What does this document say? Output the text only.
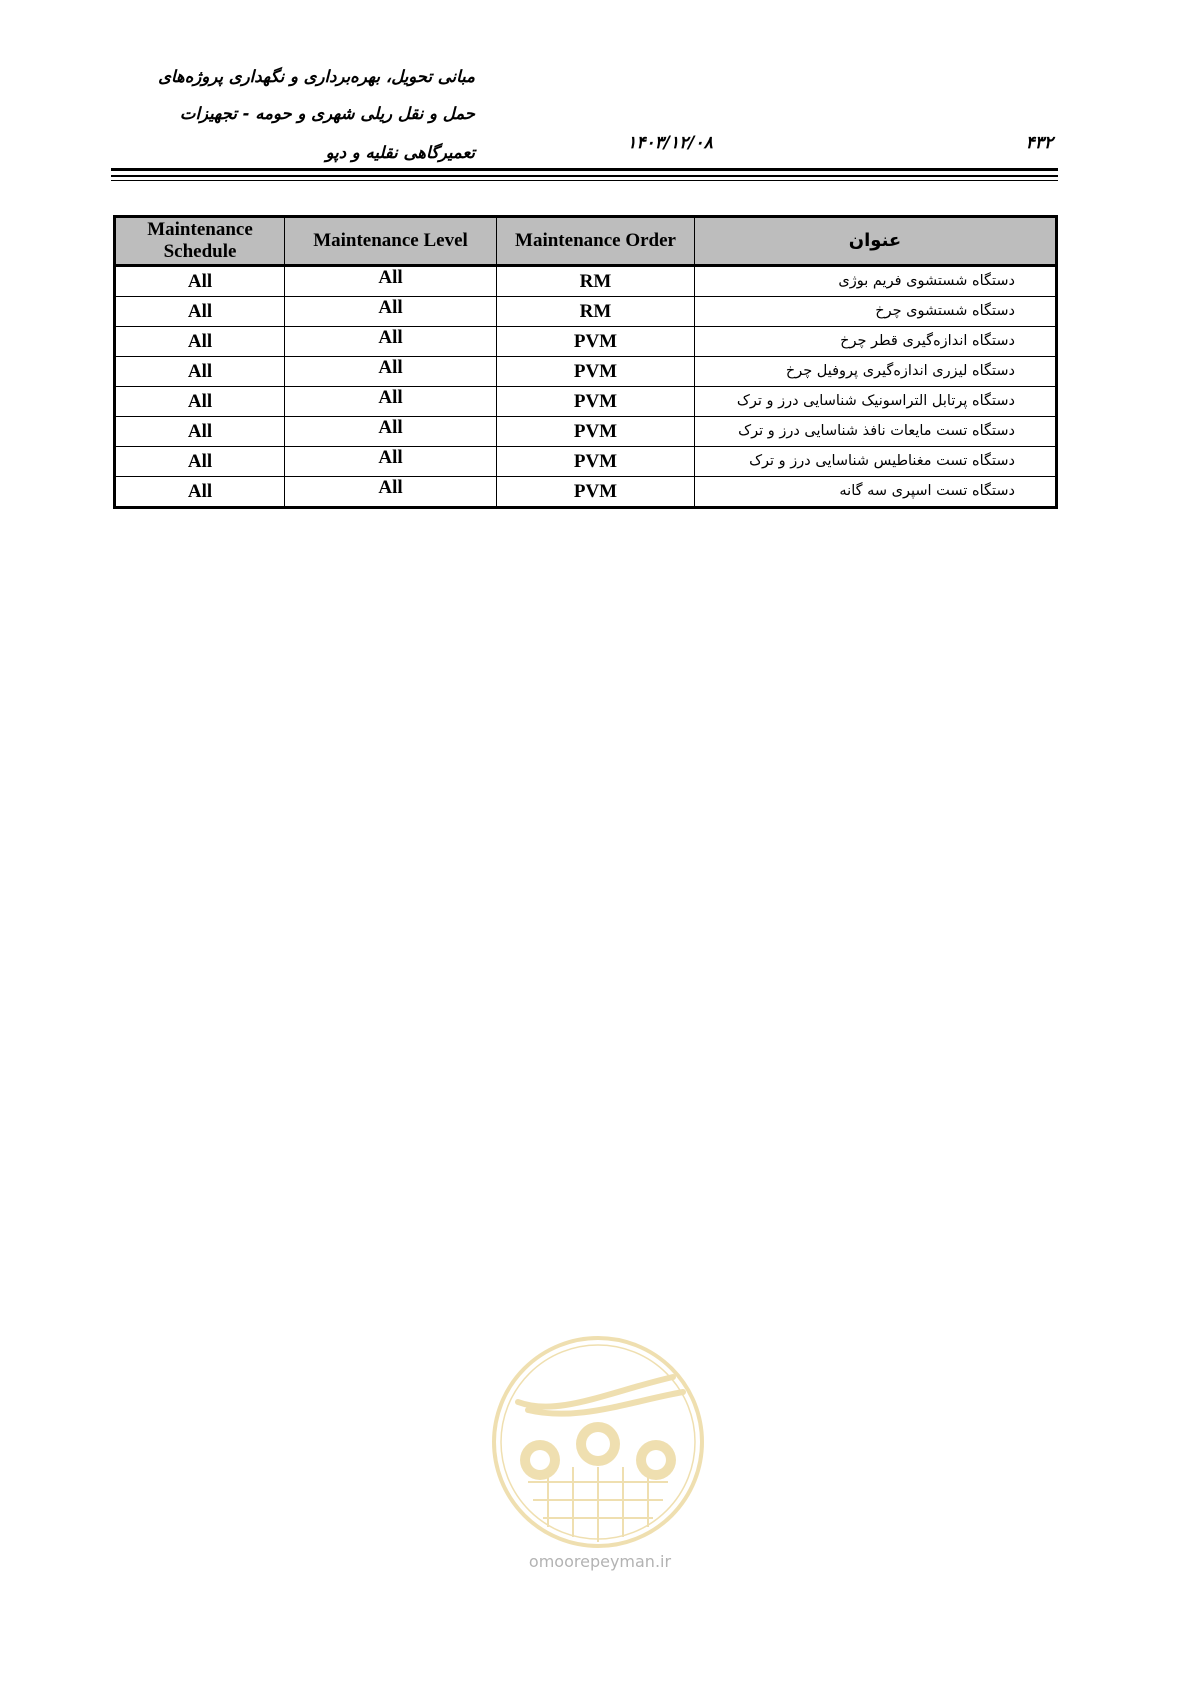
مبانی تحویل، بهره‌برداری و نگهداری پروژه‌های
حمل و نقل ریلی شهری و حومه - تجهیزات
تعمیرگاهی نقلیه و دپو	۱۴۰۳/۱۲/۰۸	۴۳۲
Maintenance Schedule	Maintenance Level	Maintenance Order	عنوان
All	All	RM	دستگاه شستشوی فریم بوژی
All	All	RM	دستگاه شستشوی چرخ
All	All	PVM	دستگاه اندازه‌گیری قطر چرخ
All	All	PVM	دستگاه لیزری اندازه‌گیری پروفیل چرخ
All	All	PVM	دستگاه پرتابل التراسونیک شناسایی درز و ترک
All	All	PVM	دستگاه تست مایعات نافذ شناسایی درز و ترک
All	All	PVM	دستگاه تست مغناطیس شناسایی درز و ترک
All	All	PVM	دستگاه تست اسپری سه گانه
omoorepeyman.ir
